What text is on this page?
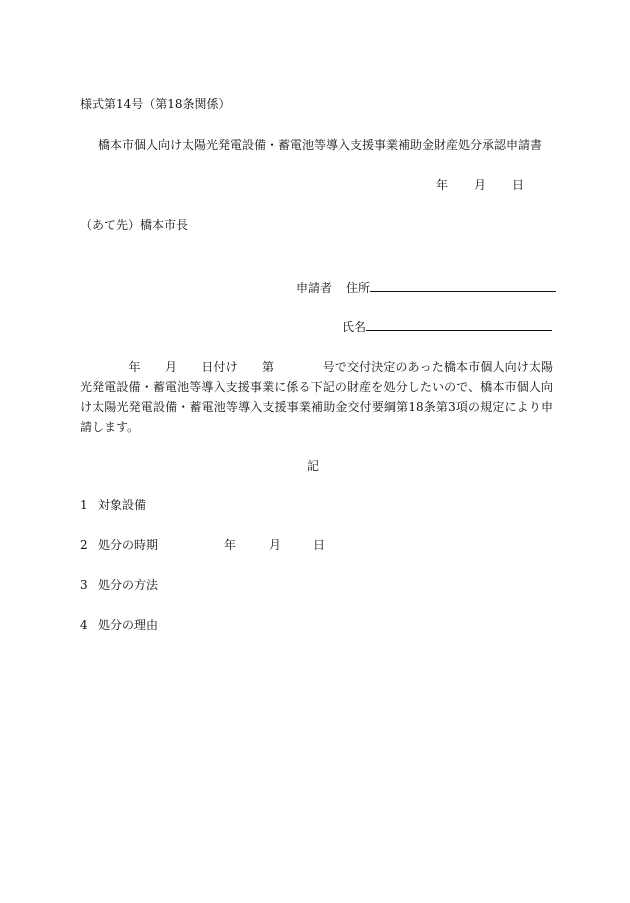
様式第14号（第18条関係）
橋本市個人向け太陽光発電設備・蓄電池等導入支援事業補助金財産処分承認申請書
年 月 日
（あて先）橋本市長
申請者 住所
氏名
　　　　年　　月　　日付け　　第　　　　号で交付決定のあった橋本市個人向け太陽光発電設備・蓄電池等導入支援事業に係る下記の財産を処分したいので、橋本市個人向け太陽光発電設備・蓄電池等導入支援事業補助金交付要綱第18条第3項の規定により申請します。
記
1 対象設備
2 処分の時期	年	月	日
3 処分の方法
4 処分の理由
